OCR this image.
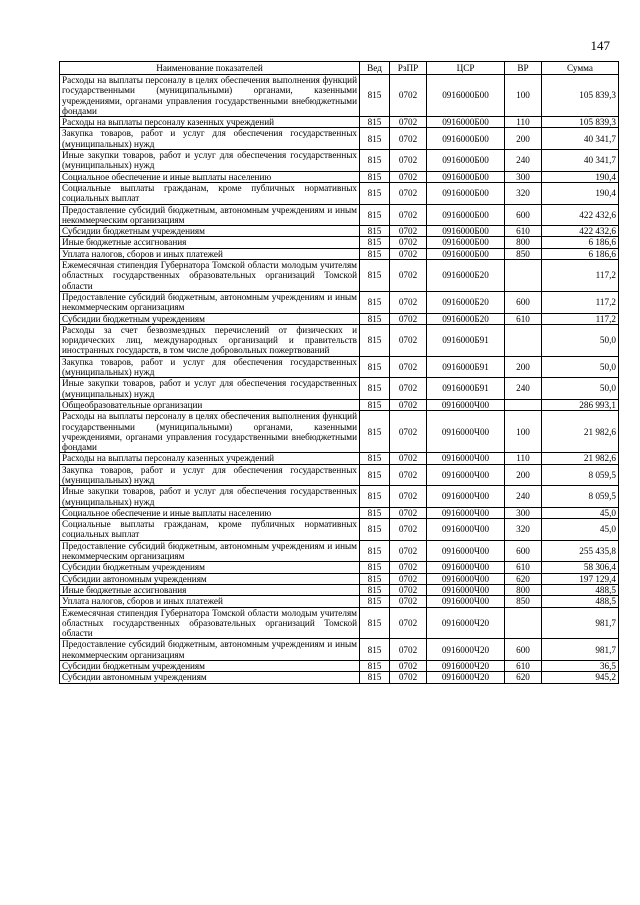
147
Наименование показателей	Вед	РзПР	ЦСР	ВР	Сумма
Расходы на выплаты персоналу в целях обеспечения выполнения функций государственными (муниципальными) органами, казенными учреждениями, органами управления государственными внебюджетными фондами	815	0702	0916000Б00	100	105 839,3
Расходы на выплаты персоналу казенных учреждений	815	0702	0916000Б00	110	105 839,3
Закупка товаров, работ и услуг для обеспечения государственных (муниципальных) нужд	815	0702	0916000Б00	200	40 341,7
Иные закупки товаров, работ и услуг для обеспечения государственных (муниципальных) нужд	815	0702	0916000Б00	240	40 341,7
Социальное обеспечение и иные выплаты населению	815	0702	0916000Б00	300	190,4
Социальные выплаты гражданам, кроме публичных нормативных социальных выплат	815	0702	0916000Б00	320	190,4
Предоставление субсидий бюджетным, автономным учреждениям и иным некоммерческим организациям	815	0702	0916000Б00	600	422 432,6
Субсидии бюджетным учреждениям	815	0702	0916000Б00	610	422 432,6
Иные бюджетные ассигнования	815	0702	0916000Б00	800	6 186,6
Уплата налогов, сборов и иных платежей	815	0702	0916000Б00	850	6 186,6
Ежемесячная стипендия Губернатора Томской области молодым учителям областных государственных образовательных организаций Томской области	815	0702	0916000Б20		117,2
Предоставление субсидий бюджетным, автономным учреждениям и иным некоммерческим организациям	815	0702	0916000Б20	600	117,2
Субсидии бюджетным учреждениям	815	0702	0916000Б20	610	117,2
Расходы за счет безвозмездных перечислений от физических и юридических лиц, международных организаций и правительств иностранных государств, в том числе добровольных пожертвований	815	0702	0916000Б91		50,0
Закупка товаров, работ и услуг для обеспечения государственных (муниципальных) нужд	815	0702	0916000Б91	200	50,0
Иные закупки товаров, работ и услуг для обеспечения государственных (муниципальных) нужд	815	0702	0916000Б91	240	50,0
Общеобразовательные организации	815	0702	0916000Ч00		286 993,1
Расходы на выплаты персоналу в целях обеспечения выполнения функций государственными (муниципальными) органами, казенными учреждениями, органами управления государственными внебюджетными фондами	815	0702	0916000Ч00	100	21 982,6
Расходы на выплаты персоналу казенных учреждений	815	0702	0916000Ч00	110	21 982,6
Закупка товаров, работ и услуг для обеспечения государственных (муниципальных) нужд	815	0702	0916000Ч00	200	8 059,5
Иные закупки товаров, работ и услуг для обеспечения государственных (муниципальных) нужд	815	0702	0916000Ч00	240	8 059,5
Социальное обеспечение и иные выплаты населению	815	0702	0916000Ч00	300	45,0
Социальные выплаты гражданам, кроме публичных нормативных социальных выплат	815	0702	0916000Ч00	320	45,0
Предоставление субсидий бюджетным, автономным учреждениям и иным некоммерческим организациям	815	0702	0916000Ч00	600	255 435,8
Субсидии бюджетным учреждениям	815	0702	0916000Ч00	610	58 306,4
Субсидии автономным учреждениям	815	0702	0916000Ч00	620	197 129,4
Иные бюджетные ассигнования	815	0702	0916000Ч00	800	488,5
Уплата налогов, сборов и иных платежей	815	0702	0916000Ч00	850	488,5
Ежемесячная стипендия Губернатора Томской области молодым учителям областных государственных образовательных организаций Томской области	815	0702	0916000Ч20		981,7
Предоставление субсидий бюджетным, автономным учреждениям и иным некоммерческим организациям	815	0702	0916000Ч20	600	981,7
Субсидии бюджетным учреждениям	815	0702	0916000Ч20	610	36,5
Субсидии автономным учреждениям	815	0702	0916000Ч20	620	945,2
